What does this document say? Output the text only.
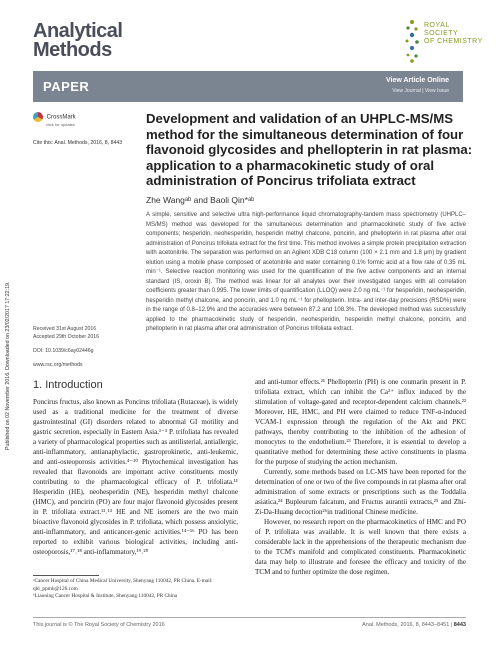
Analytical
Methods
ROYAL SOCIETY
OF CHEMISTRY
PAPER	View Article Online
View Journal | View Issue
Published on 02 November 2016. Downloaded on 23/02/2017 17:22:19.
CrossMark
click for updates
Cite this: Anal. Methods, 2016, 8, 8443
Development and validation of an UHPLC-MS/MS method for the simultaneous determination of four flavonoid glycosides and phellopterin in rat plasma: application to a pharmacokinetic study of oral administration of Poncirus trifoliata extract
Zhe Wangᵃᵇ and Baoli Qin*ᵃᵇ
A simple, sensitive and selective ultra high-performance liquid chromatography-tandem mass spectrometry (UHPLC–MS/MS) method was developed for the simultaneous determination and pharmacokinetic study of five active components; hesperidin, neohesperidin, hesperidin methyl chalcone, poncirin, and phellopterin in rat plasma after oral administration of Poncirus trifoliata extract for the first time. This method involves a simple protein precipitation extraction with acetonitrile. The separation was performed on an Agilent XDB C18 column (100 × 2.1 mm and 1.8 μm) by gradient elution using a mobile phase composed of acetonitrile and water containing 0.1% formic acid at a flow rate of 0.35 mL min⁻¹. Selective reaction monitoring was used for the quantification of the five active components and an internal standard (IS, oroxin B). The method was linear for all analytes over their investigated ranges with all correlation coefficients greater than 0.995. The lower limits of quantification (LLOQ) were 2.0 ng mL⁻¹ for hesperidin, neohesperidin, hesperidin methyl chalcone, and poncirin, and 1.0 ng mL⁻¹ for phellopterin. Intra- and inter-day precisions (RSD%) were in the range of 0.8–12.9% and the accuracies were between 87.2 and 108.3%. The developed method was successfully applied to the pharmacokinetic study of hesperidin, neohesperidin, hesperidin methyl chalcone, poncirin, and phellopterin in rat plasma after oral administration of Poncirus trifoliata extract.
Received 31st August 2016
Accepted 29th October 2016
DOI: 10.1039/c6ay02446g
www.rsc.org/methods
1. Introduction

Poncirus fructus, also known as Poncirus trifoliata (Rutaceae), is widely used as a traditional medicine for the treatment of diverse gastrointestinal (GI) disorders related to abnormal GI motility and gastric secretion, especially in Eastern Asia.¹⁻³ P. trifoliata has revealed a variety of pharmacological properties such as antilisterial, antiallergic, anti-inflammatory, antianaphylactic, gastroprokinetic, anti-leukemic, and anti-osteoporosis activities.⁴⁻¹⁰ Phytochemical investigation has revealed that flavonoids are important active constituents mostly contributing to the pharmacological efficacy of P. trifoliata.¹¹ Hesperidin (HE), neohesperidin (NE), hesperidin methyl chalcone (HMC), and poncirin (PO) are four major flavonoid glycosides present in P. trifoliata extract.¹²˒¹³ HE and NE isomers are the two main bioactive flavonoid glycosides in P. trifoliata, which possess anxiolytic, anti-inflammatory, and anticancer-genic activities.¹⁴⁻¹⁶ PO has been reported to exhibit various biological activities, including anti-osteoporosis,¹⁷˒¹⁸ anti-inflammatory,¹⁹˒²⁰

and anti-tumor effects.²¹ Phellopterin (PH) is one coumarin present in P. trifoliata extract, which can inhibit the Ca²⁺ influx induced by the stimulation of voltage-gated and receptor-dependent calcium channels.²² Moreover, HE, HMC, and PH were claimed to reduce TNF-α-induced VCAM-1 expression through the regulation of the Akt and PKC pathways, thereby contributing to the inhibition of the adhesion of monocytes to the endothelium.²³ Therefore, it is essential to develop a quantitative method for determining these active constituents in plasma for the purpose of studying the action mechanism.

Currently, some methods based on LC-MS have been reported for the determination of one or two of the five compounds in rat plasma after oral administration of some extracts or prescriptions such as the Toddalia asiatica,²⁴ Bupleurum falcatum, and Fructus aurantii extracts,²⁵ and Zhi-Zi-Da-Huang decoction²⁶in traditional Chinese medicine.

However, no research report on the pharmacokinetics of HMC and PO of P. trifoliata was available. It is well known that there exists a considerable lack in the apprehensions of the therapeutic mechanism due to the TCM's manifold and complicated constituents. Pharmacokinetic data may help to illustrate and foresee the efficacy and toxicity of the TCM and to further optimize the dose regimen.

ᵃCancer Hospital of China Medical University, Shenyang 110042, PR China. E-mail: qbl_ppmh@126.com
ᵇLiaoning Cancer Hospital & Institute, Shenyang 110042, PR China
This journal is © The Royal Society of Chemistry 2016	Anal. Methods, 2016, 8, 8443–8451 | 8443
